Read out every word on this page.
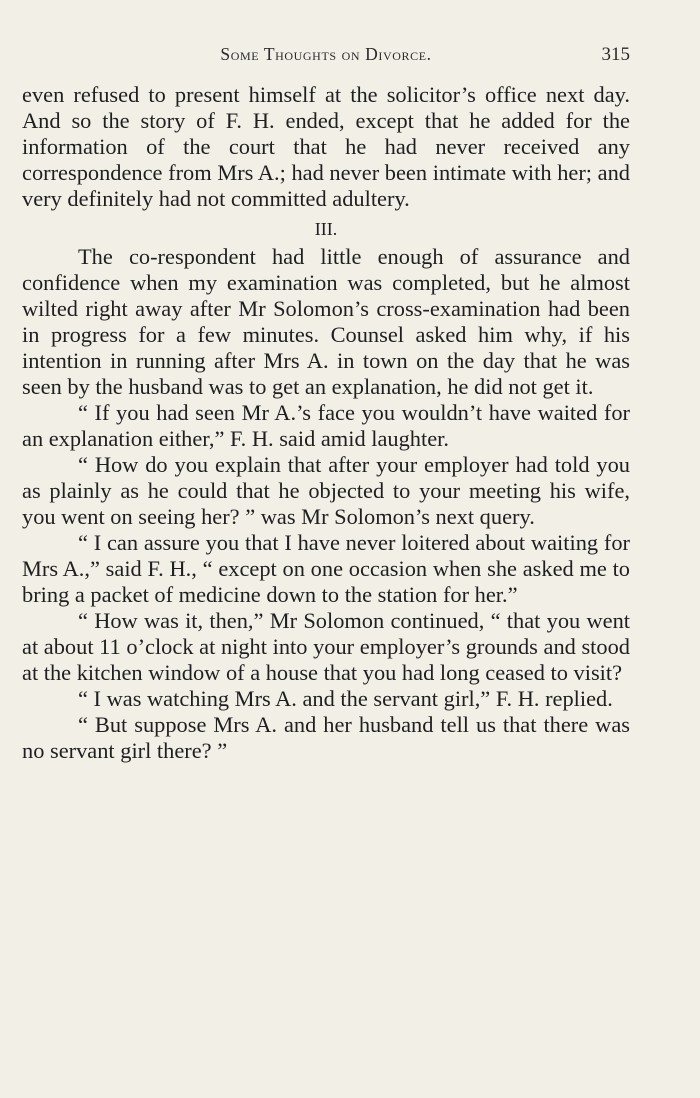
Some Thoughts on Divorce.	315

even refused to present himself at the solicitor’s office next day. And so the story of F. H. ended, except that he added for the information of the court that he had never received any correspondence from Mrs A.; had never been intimate with her; and very definitely had not committed adultery.

III.

The co-respondent had little enough of assurance and confidence when my examination was completed, but he almost wilted right away after Mr Solomon’s cross-examination had been in progress for a few minutes. Counsel asked him why, if his intention in running after Mrs A. in town on the day that he was seen by the husband was to get an explanation, he did not get it.

“ If you had seen Mr A.’s face you wouldn’t have waited for an explanation either,” F. H. said amid laughter.

“ How do you explain that after your employer had told you as plainly as he could that he objected to your meeting his wife, you went on seeing her? ” was Mr Solomon’s next query.

“ I can assure you that I have never loitered about waiting for Mrs A.,” said F. H., “ except on one occasion when she asked me to bring a packet of medicine down to the station for her.”

“ How was it, then,” Mr Solomon continued, “ that you went at about 11 o’clock at night into your employer’s grounds and stood at the kitchen window of a house that you had long ceased to visit?

“ I was watching Mrs A. and the servant girl,” F. H. replied.

“ But suppose Mrs A. and her husband tell us that there was no servant girl there? ”
